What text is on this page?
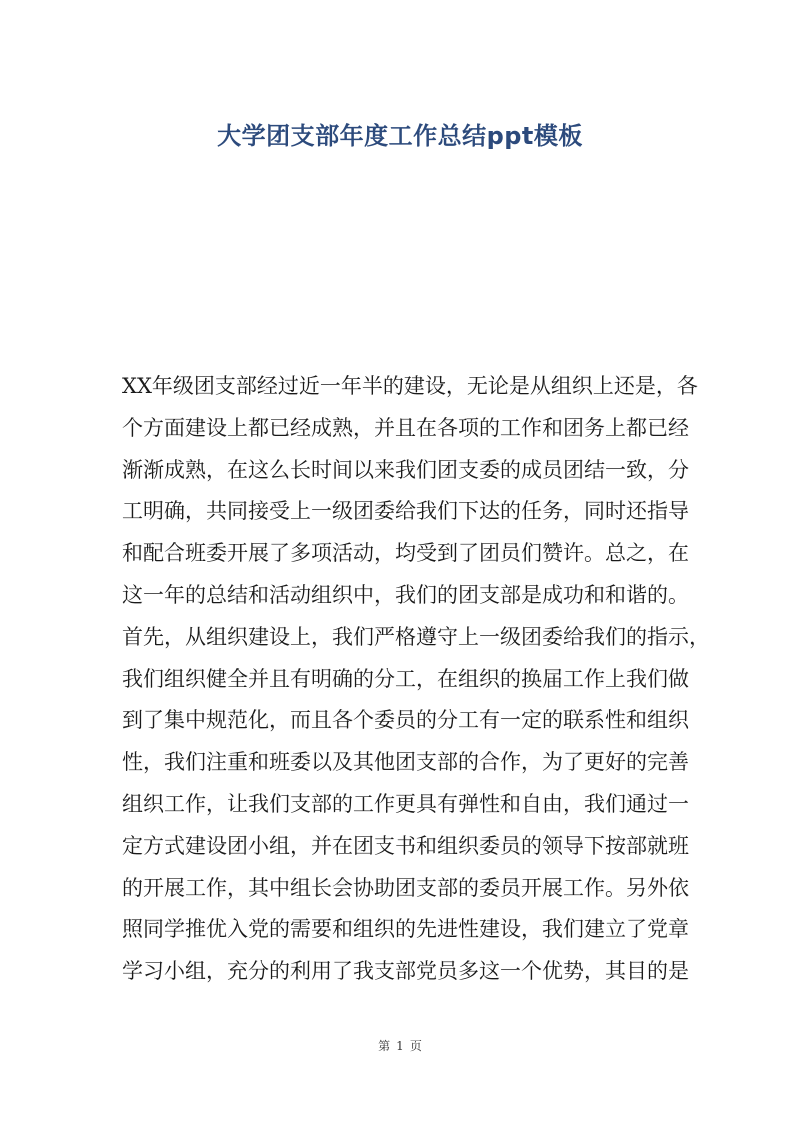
大学团支部年度工作总结ppt模板
XX年级团支部经过近一年半的建设，无论是从组织上还是，各
个方面建设上都已经成熟，并且在各项的工作和团务上都已经
渐渐成熟，在这么长时间以来我们团支委的成员团结一致，分
工明确，共同接受上一级团委给我们下达的任务，同时还指导
和配合班委开展了多项活动，均受到了团员们赞许。总之，在
这一年的总结和活动组织中，我们的团支部是成功和和谐的。
首先，从组织建设上，我们严格遵守上一级团委给我们的指示，
我们组织健全并且有明确的分工，在组织的换届工作上我们做
到了集中规范化，而且各个委员的分工有一定的联系性和组织
性，我们注重和班委以及其他团支部的合作，为了更好的完善
组织工作，让我们支部的工作更具有弹性和自由，我们通过一
定方式建设团小组，并在团支书和组织委员的领导下按部就班
的开展工作，其中组长会协助团支部的委员开展工作。另外依
照同学推优入党的需要和组织的先进性建设，我们建立了党章
学习小组，充分的利用了我支部党员多这一个优势，其目的是
第 1 页
